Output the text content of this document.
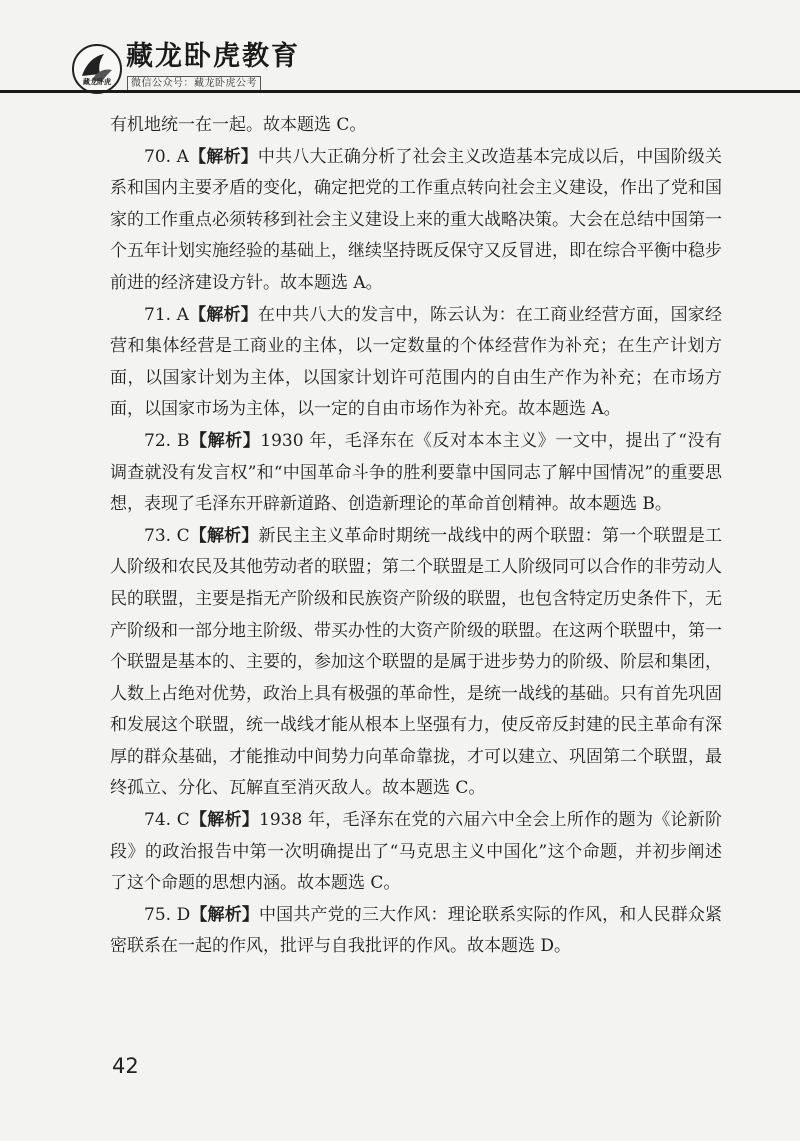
藏龙卧虎
藏龙卧虎教育
微信公众号：藏龙卧虎公考

有机地统一在一起。故本题选 C。

70. A【解析】中共八大正确分析了社会主义改造基本完成以后，中国阶级关系和国内主要矛盾的变化，确定把党的工作重点转向社会主义建设，作出了党和国家的工作重点必须转移到社会主义建设上来的重大战略决策。大会在总结中国第一个五年计划实施经验的基础上，继续坚持既反保守又反冒进，即在综合平衡中稳步前进的经济建设方针。故本题选 A。

71. A【解析】在中共八大的发言中，陈云认为：在工商业经营方面，国家经营和集体经营是工商业的主体，以一定数量的个体经营作为补充；在生产计划方面，以国家计划为主体，以国家计划许可范围内的自由生产作为补充；在市场方面，以国家市场为主体，以一定的自由市场作为补充。故本题选 A。

72. B【解析】1930 年，毛泽东在《反对本本主义》一文中，提出了“没有调查就没有发言权”和“中国革命斗争的胜利要靠中国同志了解中国情况”的重要思想，表现了毛泽东开辟新道路、创造新理论的革命首创精神。故本题选 B。

73. C【解析】新民主主义革命时期统一战线中的两个联盟：第一个联盟是工人阶级和农民及其他劳动者的联盟；第二个联盟是工人阶级同可以合作的非劳动人民的联盟，主要是指无产阶级和民族资产阶级的联盟，也包含特定历史条件下，无产阶级和一部分地主阶级、带买办性的大资产阶级的联盟。在这两个联盟中，第一个联盟是基本的、主要的，参加这个联盟的是属于进步势力的阶级、阶层和集团，人数上占绝对优势，政治上具有极强的革命性，是统一战线的基础。只有首先巩固和发展这个联盟，统一战线才能从根本上坚强有力，使反帝反封建的民主革命有深厚的群众基础，才能推动中间势力向革命靠拢，才可以建立、巩固第二个联盟，最终孤立、分化、瓦解直至消灭敌人。故本题选 C。

74. C【解析】1938 年，毛泽东在党的六届六中全会上所作的题为《论新阶段》的政治报告中第一次明确提出了“马克思主义中国化”这个命题，并初步阐述了这个命题的思想内涵。故本题选 C。

75. D【解析】中国共产党的三大作风：理论联系实际的作风，和人民群众紧密联系在一起的作风，批评与自我批评的作风。故本题选 D。

42
